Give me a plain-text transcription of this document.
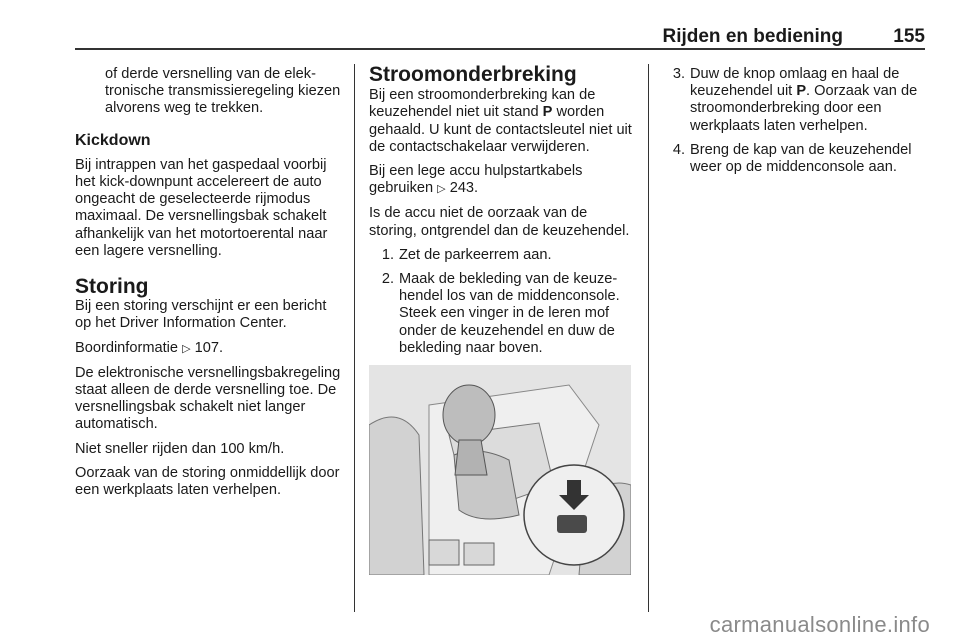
Rijden en bediening	155

of derde versnelling van de elektronische transmissieregeling kiezen alvorens weg te trekken.

Kickdown

Bij intrappen van het gaspedaal voorbij het kick-downpunt accelereert de auto ongeacht de geselecteerde rijmodus maximaal. De versnellingsbak schakelt afhankelijk van het motortoerental naar een lagere versnelling.

Storing

Bij een storing verschijnt er een bericht op het Driver Information Center.

Boordinformatie ▷ 107.

De elektronische versnellingsbakregeling staat alleen de derde versnelling toe. De versnellingsbak schakelt niet langer automatisch.

Niet sneller rijden dan 100 km/h.

Oorzaak van de storing onmiddellijk door een werkplaats laten verhelpen.

Stroomonderbreking

Bij een stroomonderbreking kan de keuzehendel niet uit stand P worden gehaald. U kunt de contactsleutel niet uit de contactschakelaar verwijderen.

Bij een lege accu hulpstartkabels gebruiken ▷ 243.

Is de accu niet de oorzaak van de storing, ontgrendel dan de keuzehendel.

1. Zet de parkeerrem aan.
2. Maak de bekleding van de keuzehendel los van de middenconsole. Steek een vinger in de leren mof onder de keuzehendel en duw de bekleding naar boven.
3. Duw de knop omlaag en haal de keuzehendel uit P. Oorzaak van de stroomonderbreking door een werkplaats laten verhelpen.
4. Breng de kap van de keuzehendel weer op de middenconsole aan.
carmanualsonline.info
